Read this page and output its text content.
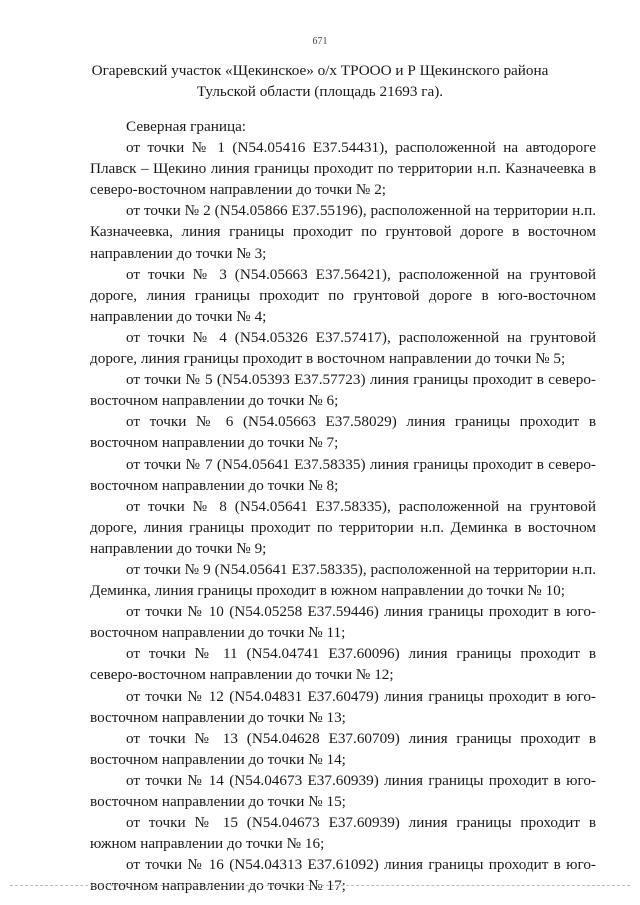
671
Огаревский участок «Щекинское» о/х ТРООО и Р Щекинского района
Тульской области (площадь 21693 га).

Северная граница:

от точки № 1 (N54.05416 E37.54431), расположенной на автодороге Плавск – Щекино линия границы проходит по территории н.п. Казначеевка в северо-восточном направлении до точки № 2;

от точки № 2 (N54.05866 E37.55196), расположенной на территории н.п. Казначеевка, линия границы проходит по грунтовой дороге в восточном направлении до точки № 3;

от точки № 3 (N54.05663 E37.56421), расположенной на грунтовой дороге, линия границы проходит по грунтовой дороге в юго-восточном направлении до точки № 4;

от точки № 4 (N54.05326 E37.57417), расположенной на грунтовой дороге, линия границы проходит в восточном направлении до точки № 5;

от точки № 5 (N54.05393 E37.57723) линия границы проходит в северо-восточном направлении до точки № 6;

от точки № 6 (N54.05663 E37.58029) линия границы проходит в восточном направлении до точки № 7;

от точки № 7 (N54.05641 E37.58335) линия границы проходит в северо-восточном направлении до точки № 8;

от точки № 8 (N54.05641 E37.58335), расположенной на грунтовой дороге, линия границы проходит по территории н.п. Деминка в восточном направлении до точки № 9;

от точки № 9 (N54.05641 E37.58335), расположенной на территории н.п. Деминка, линия границы проходит в южном направлении до точки № 10;

от точки № 10 (N54.05258 E37.59446) линия границы проходит в юго-восточном направлении до точки № 11;

от точки № 11 (N54.04741 E37.60096) линия границы проходит в северо-восточном направлении до точки № 12;

от точки № 12 (N54.04831 E37.60479) линия границы проходит в юго-восточном направлении до точки № 13;

от точки № 13 (N54.04628 E37.60709) линия границы проходит в восточном направлении до точки № 14;

от точки № 14 (N54.04673 E37.60939) линия границы проходит в юго-восточном направлении до точки № 15;

от точки № 15 (N54.04673 E37.60939) линия границы проходит в южном направлении до точки № 16;

от точки № 16 (N54.04313 E37.61092) линия границы проходит в юго-восточном направлении до точки № 17;
